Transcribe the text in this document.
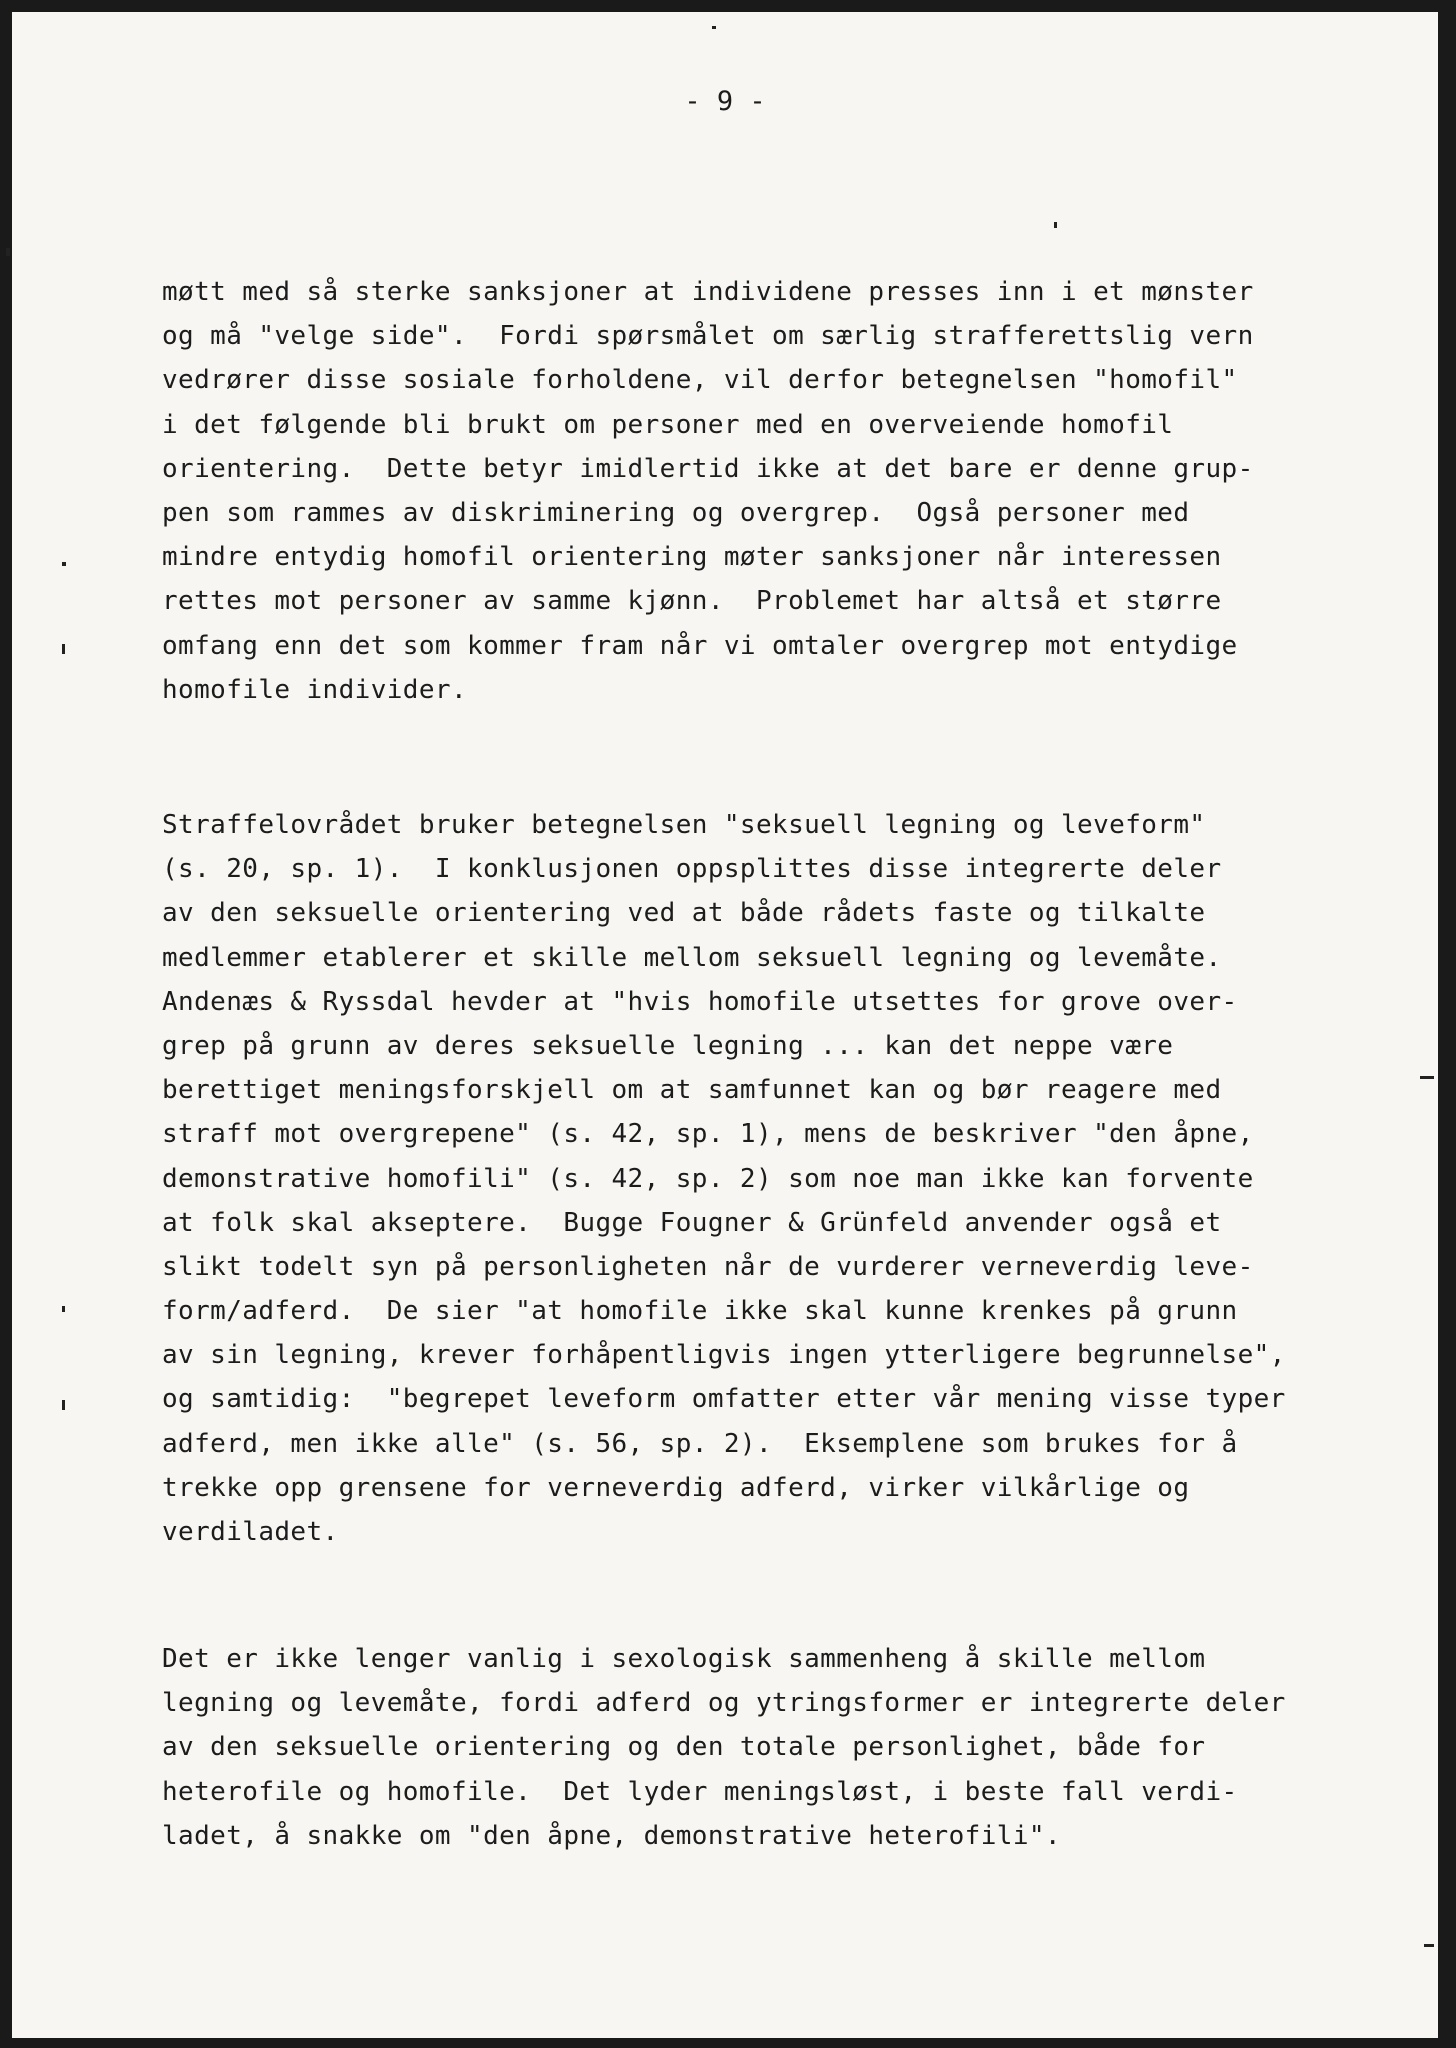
- 9 -
møtt med så sterke sanksjoner at individene presses inn i et mønster
og må "velge side".  Fordi spørsmålet om særlig strafferettslig vern
vedrører disse sosiale forholdene, vil derfor betegnelsen "homofil"
i det følgende bli brukt om personer med en overveiende homofil
orientering.  Dette betyr imidlertid ikke at det bare er denne grup-
pen som rammes av diskriminering og overgrep.  Også personer med
mindre entydig homofil orientering møter sanksjoner når interessen
rettes mot personer av samme kjønn.  Problemet har altså et større
omfang enn det som kommer fram når vi omtaler overgrep mot entydige
homofile individer.
Straffelovrådet bruker betegnelsen "seksuell legning og leveform"
(s. 20, sp. 1).  I konklusjonen oppsplittes disse integrerte deler
av den seksuelle orientering ved at både rådets faste og tilkalte
medlemmer etablerer et skille mellom seksuell legning og levemåte.
Andenæs & Ryssdal hevder at "hvis homofile utsettes for grove over-
grep på grunn av deres seksuelle legning ... kan det neppe være
berettiget meningsforskjell om at samfunnet kan og bør reagere med
straff mot overgrepene" (s. 42, sp. 1), mens de beskriver "den åpne,
demonstrative homofili" (s. 42, sp. 2) som noe man ikke kan forvente
at folk skal akseptere.  Bugge Fougner & Grünfeld anvender også et
slikt todelt syn på personligheten når de vurderer verneverdig leve-
form/adferd.  De sier "at homofile ikke skal kunne krenkes på grunn
av sin legning, krever forhåpentligvis ingen ytterligere begrunnelse",
og samtidig:  "begrepet leveform omfatter etter vår mening visse typer
adferd, men ikke alle" (s. 56, sp. 2).  Eksemplene som brukes for å
trekke opp grensene for verneverdig adferd, virker vilkårlige og
verdiladet.
Det er ikke lenger vanlig i sexologisk sammenheng å skille mellom
legning og levemåte, fordi adferd og ytringsformer er integrerte deler
av den seksuelle orientering og den totale personlighet, både for
heterofile og homofile.  Det lyder meningsløst, i beste fall verdi-
ladet, å snakke om "den åpne, demonstrative heterofili".
